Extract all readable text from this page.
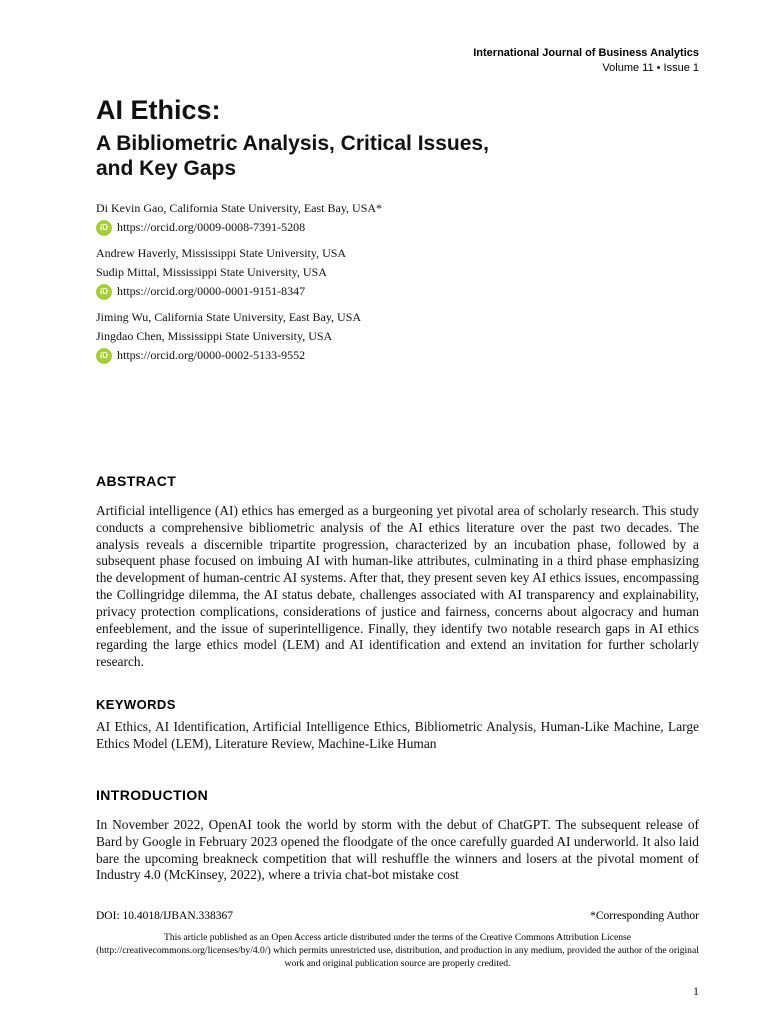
International Journal of Business Analytics
Volume 11 • Issue 1
AI Ethics:
A Bibliometric Analysis, Critical Issues, and Key Gaps
Di Kevin Gao, California State University, East Bay, USA*
iD https://orcid.org/0009-0008-7391-5208
Andrew Haverly, Mississippi State University, USA
Sudip Mittal, Mississippi State University, USA
iD https://orcid.org/0000-0001-9151-8347
Jiming Wu, California State University, East Bay, USA
Jingdao Chen, Mississippi State University, USA
iD https://orcid.org/0000-0002-5133-9552
ABSTRACT
Artificial intelligence (AI) ethics has emerged as a burgeoning yet pivotal area of scholarly research. This study conducts a comprehensive bibliometric analysis of the AI ethics literature over the past two decades. The analysis reveals a discernible tripartite progression, characterized by an incubation phase, followed by a subsequent phase focused on imbuing AI with human-like attributes, culminating in a third phase emphasizing the development of human-centric AI systems. After that, they present seven key AI ethics issues, encompassing the Collingridge dilemma, the AI status debate, challenges associated with AI transparency and explainability, privacy protection complications, considerations of justice and fairness, concerns about algocracy and human enfeeblement, and the issue of superintelligence. Finally, they identify two notable research gaps in AI ethics regarding the large ethics model (LEM) and AI identification and extend an invitation for further scholarly research.
KEYWORDS
AI Ethics, AI Identification, Artificial Intelligence Ethics, Bibliometric Analysis, Human-Like Machine, Large Ethics Model (LEM), Literature Review, Machine-Like Human
INTRODUCTION
In November 2022, OpenAI took the world by storm with the debut of ChatGPT. The subsequent release of Bard by Google in February 2023 opened the floodgate of the once carefully guarded AI underworld. It also laid bare the upcoming breakneck competition that will reshuffle the winners and losers at the pivotal moment of Industry 4.0 (McKinsey, 2022), where a trivia chat-bot mistake cost
DOI: 10.4018/IJBAN.338367	*Corresponding Author
This article published as an Open Access article distributed under the terms of the Creative Commons Attribution License (http://creativecommons.org/licenses/by/4.0/) which permits unrestricted use, distribution, and production in any medium, provided the author of the original work and original publication source are properly credited.
1
